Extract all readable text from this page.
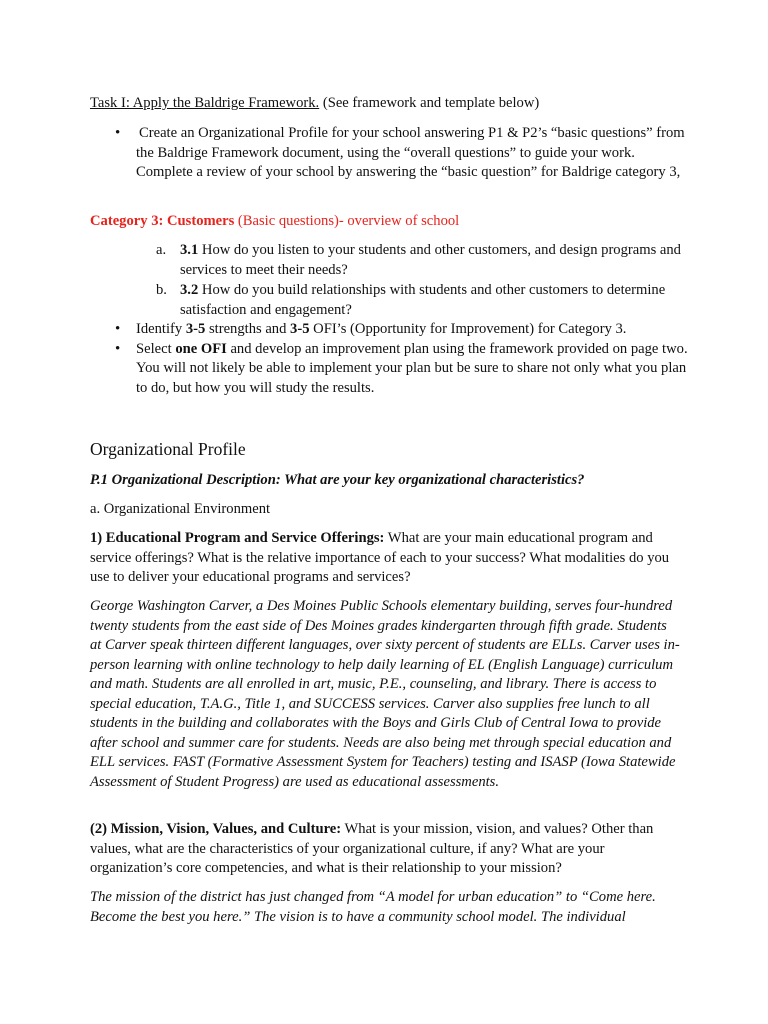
Task I: Apply the Baldrige Framework. (See framework and template below)
• Create an Organizational Profile for your school answering P1 & P2’s “basic questions” from the Baldrige Framework document, using the “overall questions” to guide your work. Complete a review of your school by answering the “basic question” for Baldrige category 3,
Category 3: Customers (Basic questions)- overview of school
a. 3.1 How do you listen to your students and other customers, and design programs and services to meet their needs?
b. 3.2 How do you build relationships with students and other customers to determine satisfaction and engagement?
• Identify 3-5 strengths and 3-5 OFI’s (Opportunity for Improvement) for Category 3.
• Select one OFI and develop an improvement plan using the framework provided on page two. You will not likely be able to implement your plan but be sure to share not only what you plan to do, but how you will study the results.
Organizational Profile
P.1 Organizational Description: What are your key organizational characteristics?
a. Organizational Environment
1) Educational Program and Service Offerings: What are your main educational program and service offerings? What is the relative importance of each to your success? What modalities do you use to deliver your educational programs and services?
George Washington Carver, a Des Moines Public Schools elementary building, serves four-hundred twenty students from the east side of Des Moines grades kindergarten through fifth grade. Students at Carver speak thirteen different languages, over sixty percent of students are ELLs. Carver uses in-person learning with online technology to help daily learning of EL (English Language) curriculum and math. Students are all enrolled in art, music, P.E., counseling, and library. There is access to special education, T.A.G., Title 1, and SUCCESS services. Carver also supplies free lunch to all students in the building and collaborates with the Boys and Girls Club of Central Iowa to provide after school and summer care for students. Needs are also being met through special education and ELL services. FAST (Formative Assessment System for Teachers) testing and ISASP (Iowa Statewide Assessment of Student Progress) are used as educational assessments.
(2) Mission, Vision, Values, and Culture: What is your mission, vision, and values? Other than values, what are the characteristics of your organizational culture, if any? What are your organization’s core competencies, and what is their relationship to your mission?
The mission of the district has just changed from “A model for urban education” to “Come here. Become the best you here.” The vision is to have a community school model. The individual
